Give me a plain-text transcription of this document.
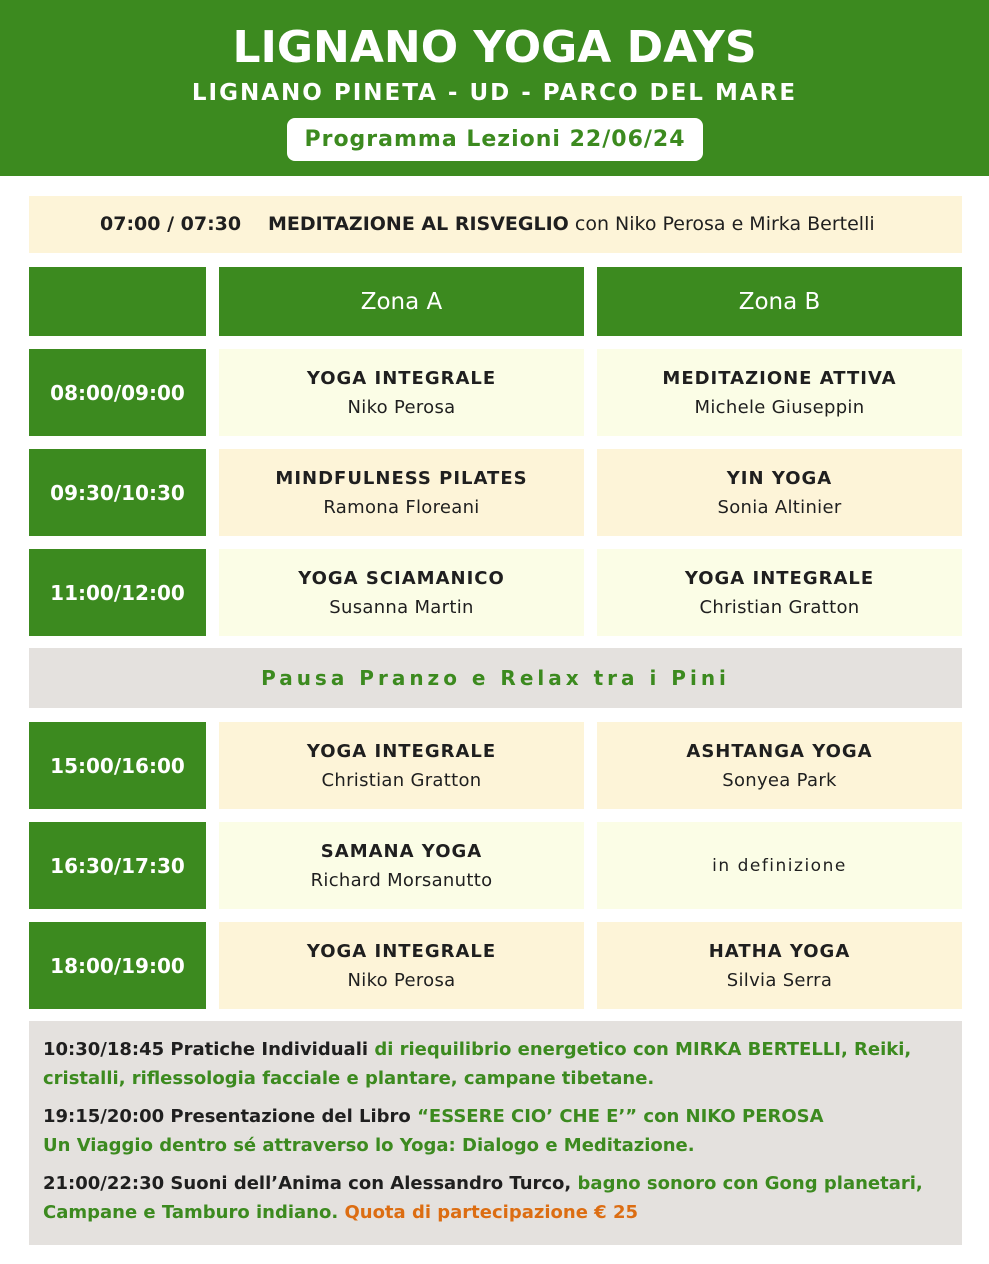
LIGNANO YOGA DAYS
LIGNANO PINETA - UD - PARCO DEL MARE
Programma Lezioni 22/06/24
07:00 / 07:30 MEDITAZIONE AL RISVEGLIO con Niko Perosa e Mirka Bertelli
Zona A	Zona B
08:00/09:00
YOGA INTEGRALE
Niko Perosa
MEDITAZIONE ATTIVA
Michele Giuseppin
09:30/10:30
MINDFULNESS PILATES
Ramona Floreani
YIN YOGA
Sonia Altinier
11:00/12:00
YOGA SCIAMANICO
Susanna Martin
YOGA INTEGRALE
Christian Gratton
Pausa Pranzo e Relax tra i Pini
15:00/16:00
YOGA INTEGRALE
Christian Gratton
ASHTANGA YOGA
Sonyea Park
16:30/17:30
SAMANA YOGA
Richard Morsanutto
in definizione
18:00/19:00
YOGA INTEGRALE
Niko Perosa
HATHA YOGA
Silvia Serra

10:30/18:45 Pratiche Individuali di riequilibrio energetico con MIRKA BERTELLI, Reiki, cristalli, riflessologia facciale e plantare, campane tibetane.

19:15/20:00 Presentazione del Libro “ESSERE CIO’ CHE E’” con NIKO PEROSA
Un Viaggio dentro sé attraverso lo Yoga: Dialogo e Meditazione.

21:00/22:30 Suoni dell’Anima con Alessandro Turco, bagno sonoro con Gong planetari, Campane e Tamburo indiano. Quota di partecipazione € 25
